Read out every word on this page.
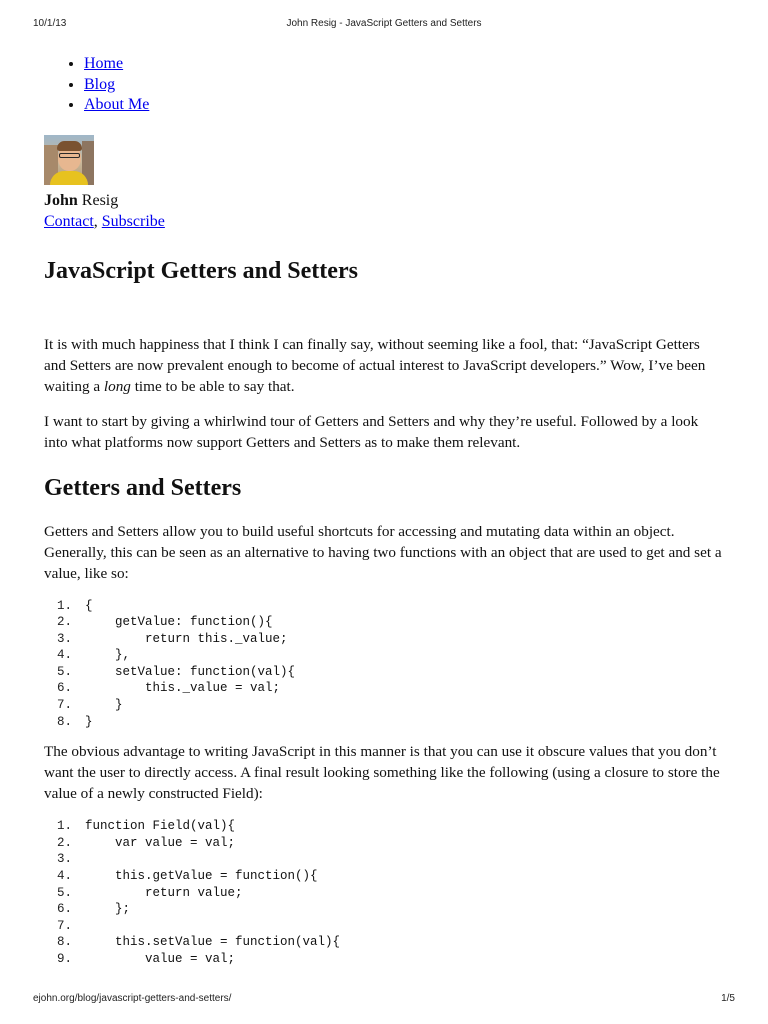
10/1/13	John Resig - JavaScript Getters and Setters
• Home
• Blog
• About Me
John Resig
Contact, Subscribe
JavaScript Getters and Setters

It is with much happiness that I think I can finally say, without seeming like a fool, that: “JavaScript Getters and Setters are now prevalent enough to become of actual interest to JavaScript developers.” Wow, I’ve been waiting a long time to be able to say that.

I want to start by giving a whirlwind tour of Getters and Setters and why they’re useful. Followed by a look into what platforms now support Getters and Setters as to make them relevant.

Getters and Setters

Getters and Setters allow you to build useful shortcuts for accessing and mutating data within an object. Generally, this can be seen as an alternative to having two functions with an object that are used to get and set a value, like so:

1.	{
2.	getValue: function(){
3.	return this._value;
4.	},
5.	setValue: function(val){
6.	this._value = val;
7.	}
8.	}

The obvious advantage to writing JavaScript in this manner is that you can use it obscure values that you don’t want the user to directly access. A final result looking something like the following (using a closure to store the value of a newly constructed Field):

1.	function Field(val){
2.	var value = val;
3.
4.	this.getValue = function(){
5.	return value;
6.	};
7.
8.	this.setValue = function(val){
9.	value = val;
ejohn.org/blog/javascript-getters-and-setters/	1/5
